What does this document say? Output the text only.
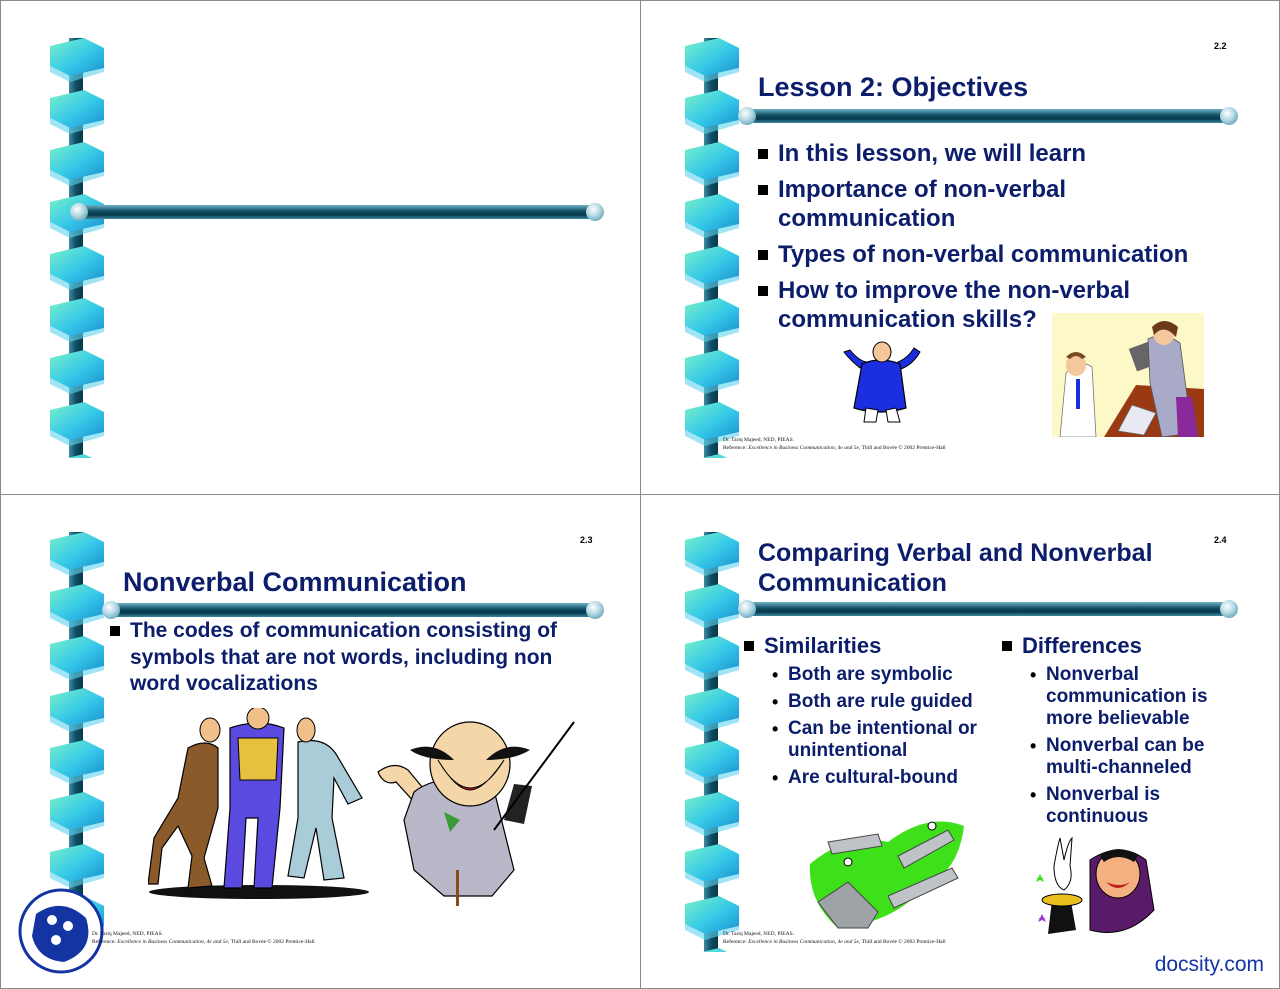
2.2
Lesson 2: Objectives
In this lesson, we will learn
Importance of non-verbal communication
Types of non-verbal communication
How to improve the non-verbal communication skills?
Dr. Tariq Majeed, NED, PIEAS.
Reference: Excellence in Business Communication, 4e and 5e, Thill and Bovée © 2002 Prentice-Hall
2.3
Nonverbal Communication
The codes of communication consisting of symbols that are not words, including non word vocalizations
Dr. Tariq Majeed, NED, PIEAS.
Reference: Excellence in Business Communication, 4e and 5e, Thill and Bovée © 2002 Prentice-Hall
2.4
Comparing Verbal and Nonverbal Communication
Similarities
• Both are symbolic
• Both are rule guided
• Can be intentional or unintentional
• Are cultural-bound
Differences
• Nonverbal communication is more believable
• Nonverbal can be multi-channeled
• Nonverbal is continuous
Dr. Tariq Majeed, NED, PIEAS.
Reference: Excellence in Business Communication, 4e and 5e, Thill and Bovée © 2002 Prentice-Hall
docsity.com
